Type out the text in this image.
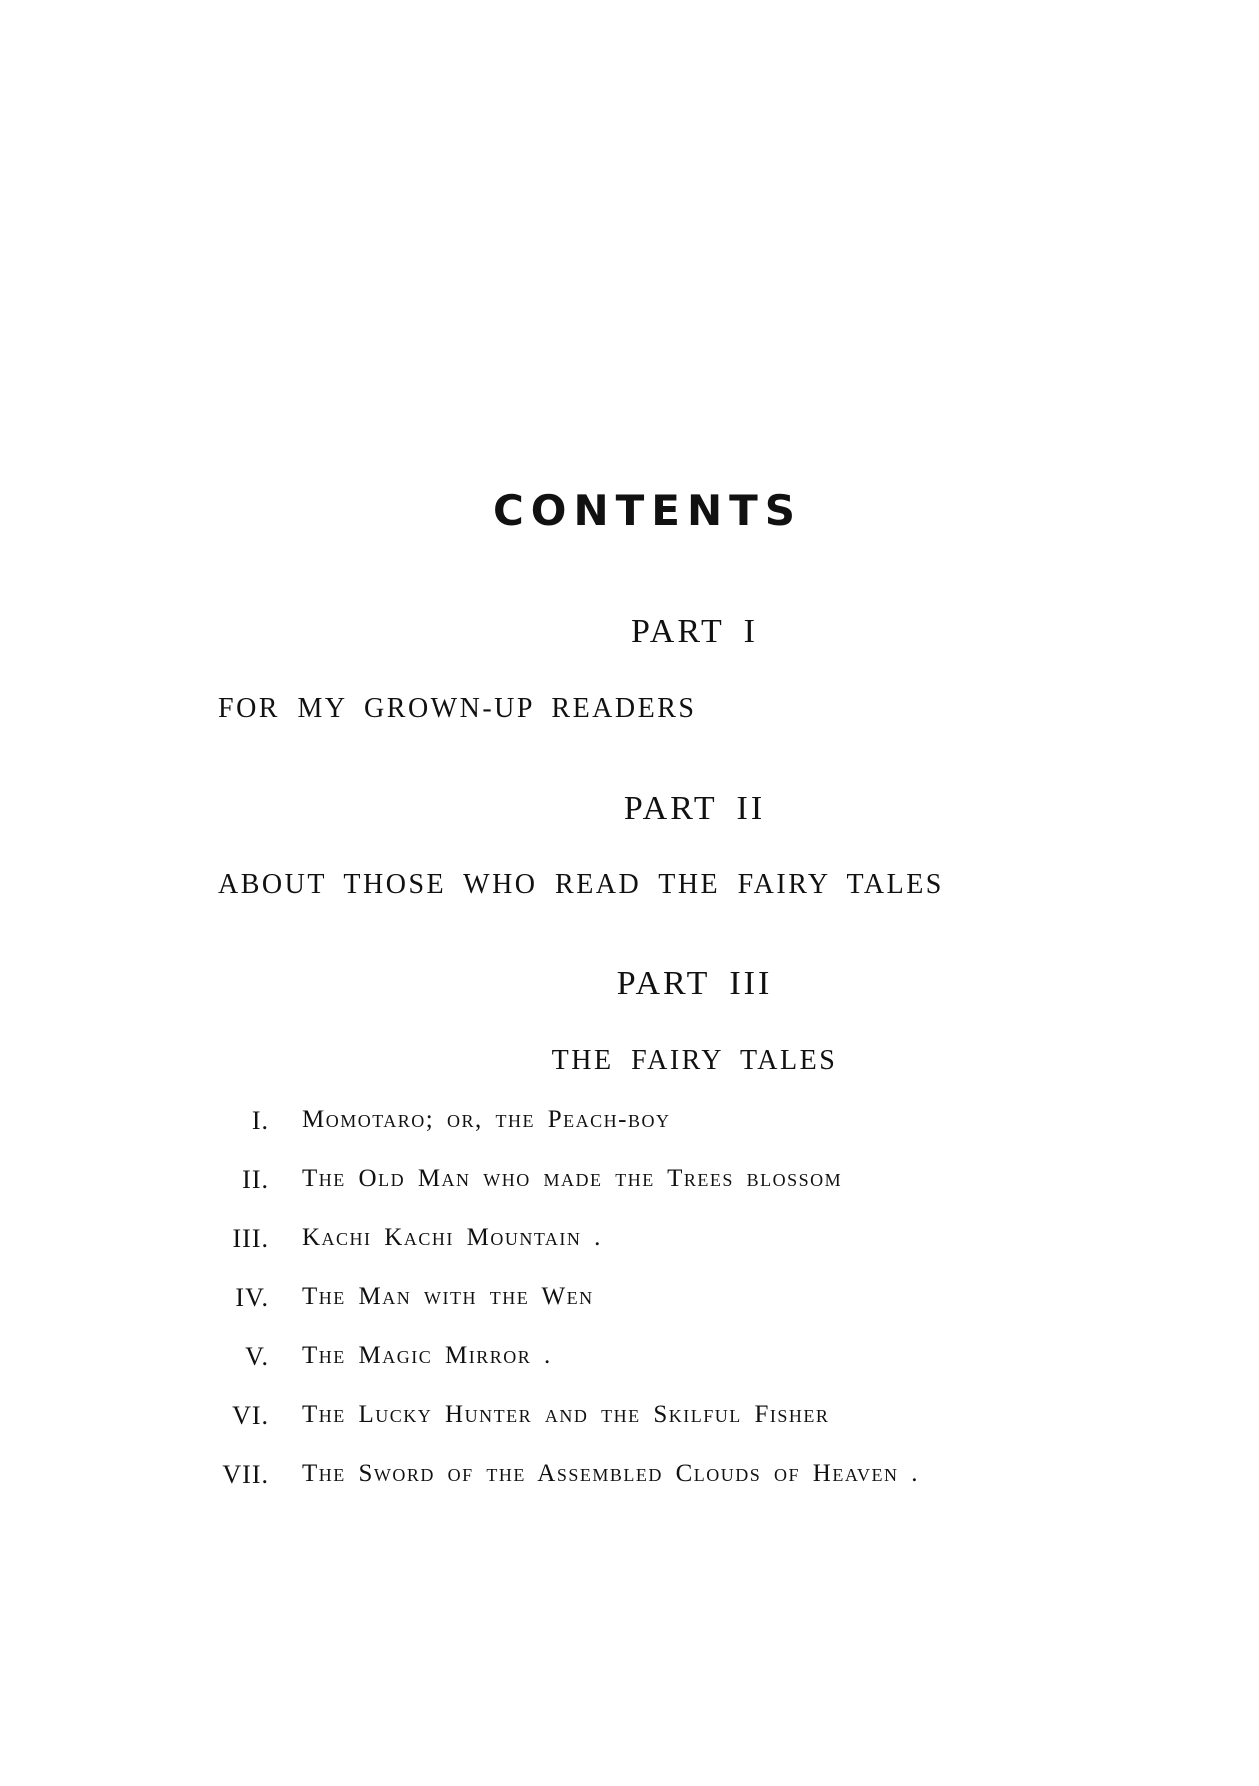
CONTENTS
PART I
FOR MY GROWN-UP READERS
PART II
ABOUT THOSE WHO READ THE FAIRY TALES
PART III
THE FAIRY TALES
I. Momotaro; or, the Peach-boy
II. The Old Man who made the Trees blossom
III. Kachi Kachi Mountain .
IV. The Man with the Wen
V. The Magic Mirror .
VI. The Lucky Hunter and the Skilful Fisher
VII. The Sword of the Assembled Clouds of Heaven .
